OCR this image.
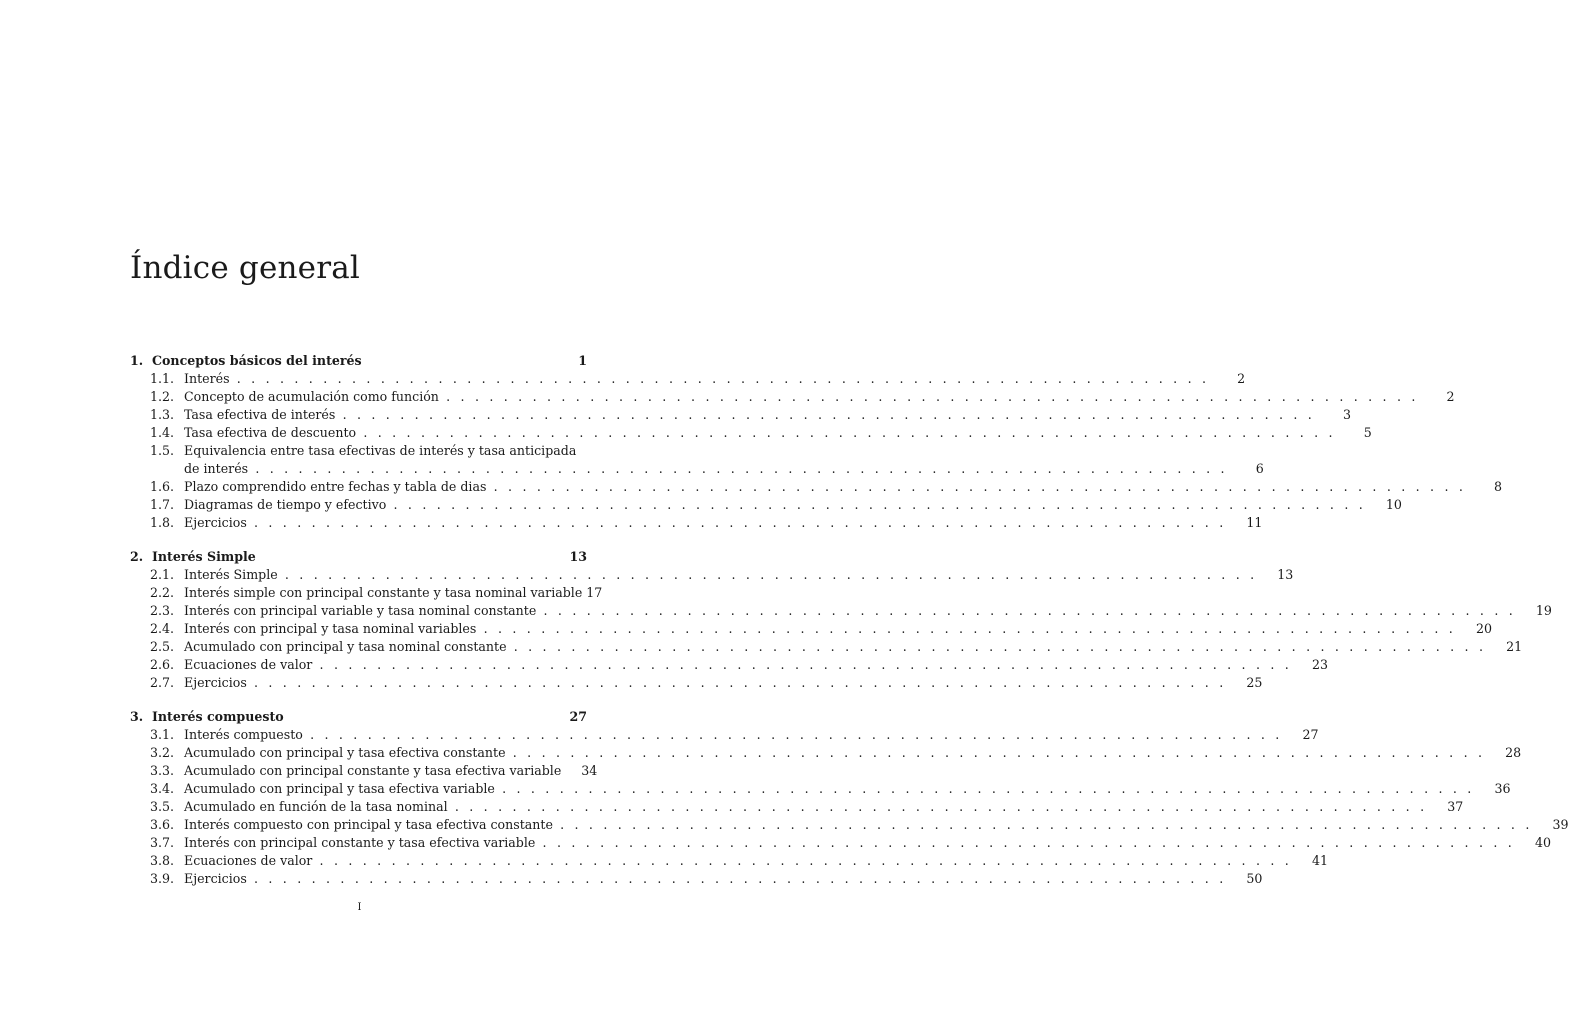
Índice general
1. Conceptos básicos del interés	1
1.1. Interés . . .	2
1.2. Concepto de acumulación como función . . .	2
1.3. Tasa efectiva de interés . . .	3
1.4. Tasa efectiva de descuento . . .	5
1.5. Equivalencia entre tasa efectivas de interés y tasa anticipada
de interés . . .	6
1.6. Plazo comprendido entre fechas y tabla de dias . . .	8
1.7. Diagramas de tiempo y efectivo . . .	10
1.8. Ejercicios . . .	11
2. Interés Simple	13
2.1. Interés Simple . . .	13
2.2. Interés simple con principal constante y tasa nominal variable 17
2.3. Interés con principal variable y tasa nominal constante . . .	19
2.4. Interés con principal y tasa nominal variables . . .	20
2.5. Acumulado con principal y tasa nominal constante . . .	21
2.6. Ecuaciones de valor . . .	23
2.7. Ejercicios . . .	25
3. Interés compuesto	27
3.1. Interés compuesto . . .	27
3.2. Acumulado con principal y tasa efectiva constante . . .	28
3.3. Acumulado con principal constante y tasa efectiva variable	34
3.4. Acumulado con principal y tasa efectiva variable . . .	36
3.5. Acumulado en función de la tasa nominal . . .	37
3.6. Interés compuesto con principal y tasa efectiva constante . . .	39
3.7. Interés con principal constante y tasa efectiva variable . . .	40
3.8. Ecuaciones de valor . . .	41
3.9. Ejercicios . . .	50
I
